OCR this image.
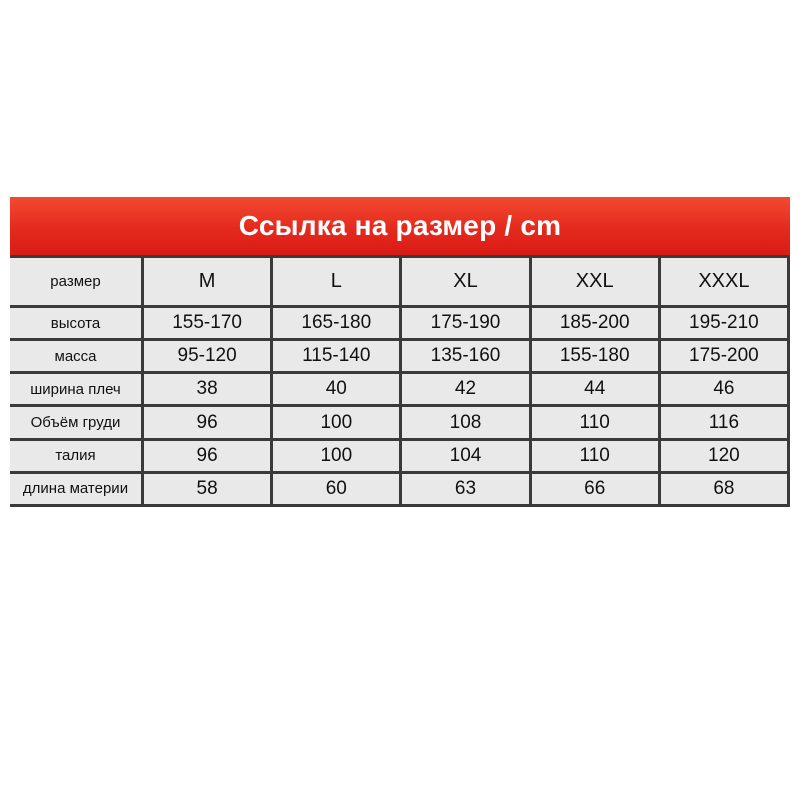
Ссылка на размер / cm
размер	M	L	XL	XXL	XXXL
высота	155-170	165-180	175-190	185-200	195-210
масса	95-120	115-140	135-160	155-180	175-200
ширина плеч	38	40	42	44	46
Объём груди	96	100	108	110	116
талия	96	100	104	110	120
длина материи	58	60	63	66	68
